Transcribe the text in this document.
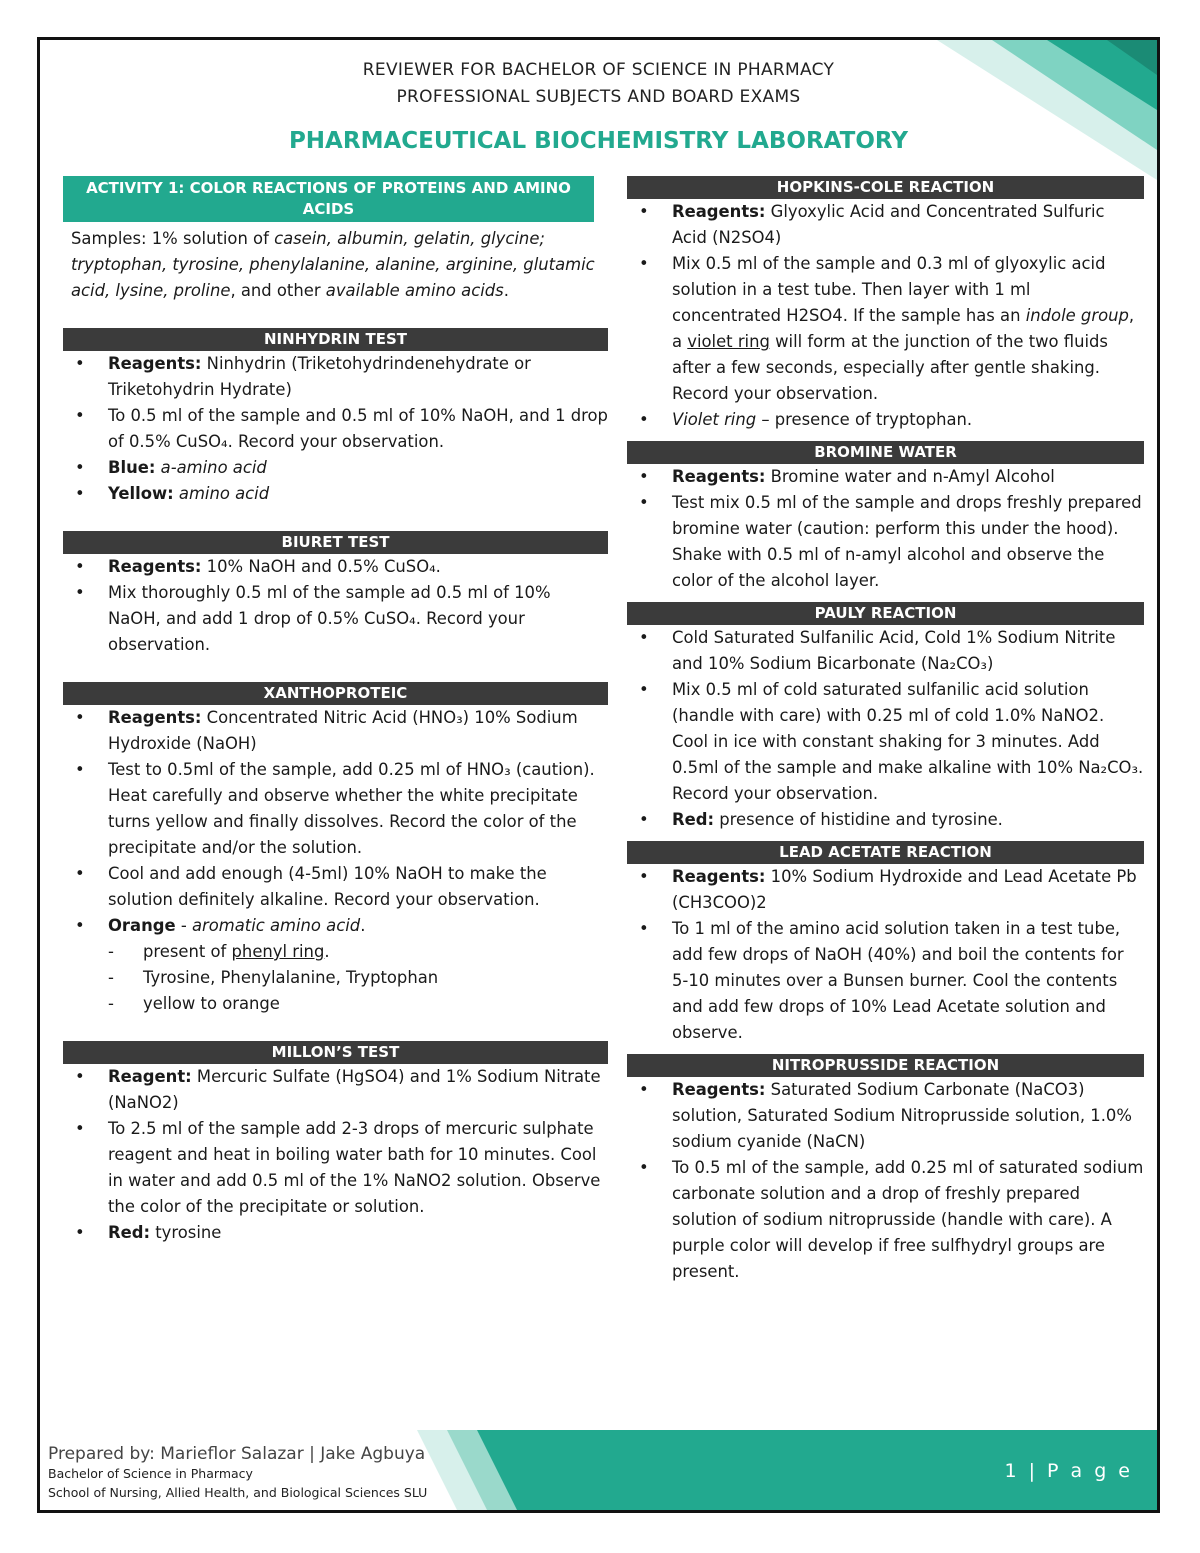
REVIEWER FOR BACHELOR OF SCIENCE IN PHARMACY
PROFESSIONAL SUBJECTS AND BOARD EXAMS
PHARMACEUTICAL BIOCHEMISTRY LABORATORY
ACTIVITY 1: COLOR REACTIONS OF PROTEINS AND AMINO ACIDS
Samples: 1% solution of casein, albumin, gelatin, glycine; tryptophan, tyrosine, phenylalanine, alanine, arginine, glutamic acid, lysine, proline, and other available amino acids.
NINHYDRIN TEST
• Reagents: Ninhydrin (Triketohydrindenehydrate or Triketohydrin Hydrate)
• To 0.5 ml of the sample and 0.5 ml of 10% NaOH, and 1 drop of 0.5% CuSO₄. Record your observation.
• Blue: a-amino acid
• Yellow: amino acid
BIURET TEST
• Reagents: 10% NaOH and 0.5% CuSO₄.
• Mix thoroughly 0.5 ml of the sample ad 0.5 ml of 10% NaOH, and add 1 drop of 0.5% CuSO₄. Record your observation.
XANTHOPROTEIC
• Reagents: Concentrated Nitric Acid (HNO₃) 10% Sodium Hydroxide (NaOH)
• Test to 0.5ml of the sample, add 0.25 ml of HNO₃ (caution). Heat carefully and observe whether the white precipitate turns yellow and finally dissolves. Record the color of the precipitate and/or the solution.
• Cool and add enough (4-5ml) 10% NaOH to make the solution definitely alkaline. Record your observation.
• Orange - aromatic amino acid.
- present of phenyl ring.
- Tyrosine, Phenylalanine, Tryptophan
- yellow to orange
MILLON’S TEST
• Reagent: Mercuric Sulfate (HgSO4) and 1% Sodium Nitrate (NaNO2)
• To 2.5 ml of the sample add 2-3 drops of mercuric sulphate reagent and heat in boiling water bath for 10 minutes. Cool in water and add 0.5 ml of the 1% NaNO2 solution. Observe the color of the precipitate or solution.
• Red: tyrosine
HOPKINS-COLE REACTION
• Reagents: Glyoxylic Acid and Concentrated Sulfuric Acid (N2SO4)
• Mix 0.5 ml of the sample and 0.3 ml of glyoxylic acid solution in a test tube. Then layer with 1 ml concentrated H2SO4. If the sample has an indole group, a violet ring will form at the junction of the two fluids after a few seconds, especially after gentle shaking. Record your observation.
• Violet ring – presence of tryptophan.
BROMINE WATER
• Reagents: Bromine water and n-Amyl Alcohol
• Test mix 0.5 ml of the sample and drops freshly prepared bromine water (caution: perform this under the hood). Shake with 0.5 ml of n-amyl alcohol and observe the color of the alcohol layer.
PAULY REACTION
• Cold Saturated Sulfanilic Acid, Cold 1% Sodium Nitrite and 10% Sodium Bicarbonate (Na₂CO₃)
• Mix 0.5 ml of cold saturated sulfanilic acid solution (handle with care) with 0.25 ml of cold 1.0% NaNO2. Cool in ice with constant shaking for 3 minutes. Add 0.5ml of the sample and make alkaline with 10% Na₂CO₃. Record your observation.
• Red: presence of histidine and tyrosine.
LEAD ACETATE REACTION
• Reagents: 10% Sodium Hydroxide and Lead Acetate Pb (CH3COO)2
• To 1 ml of the amino acid solution taken in a test tube, add few drops of NaOH (40%) and boil the contents for 5-10 minutes over a Bunsen burner. Cool the contents and add few drops of 10% Lead Acetate solution and observe.
NITROPRUSSIDE REACTION
• Reagents: Saturated Sodium Carbonate (NaCO3) solution, Saturated Sodium Nitroprusside solution, 1.0% sodium cyanide (NaCN)
• To 0.5 ml of the sample, add 0.25 ml of saturated sodium carbonate solution and a drop of freshly prepared solution of sodium nitroprusside (handle with care). A purple color will develop if free sulfhydryl groups are present.
Prepared by: Marieflor Salazar | Jake Agbuya
Bachelor of Science in Pharmacy
School of Nursing, Allied Health, and Biological Sciences SLU
1 | P a g e
